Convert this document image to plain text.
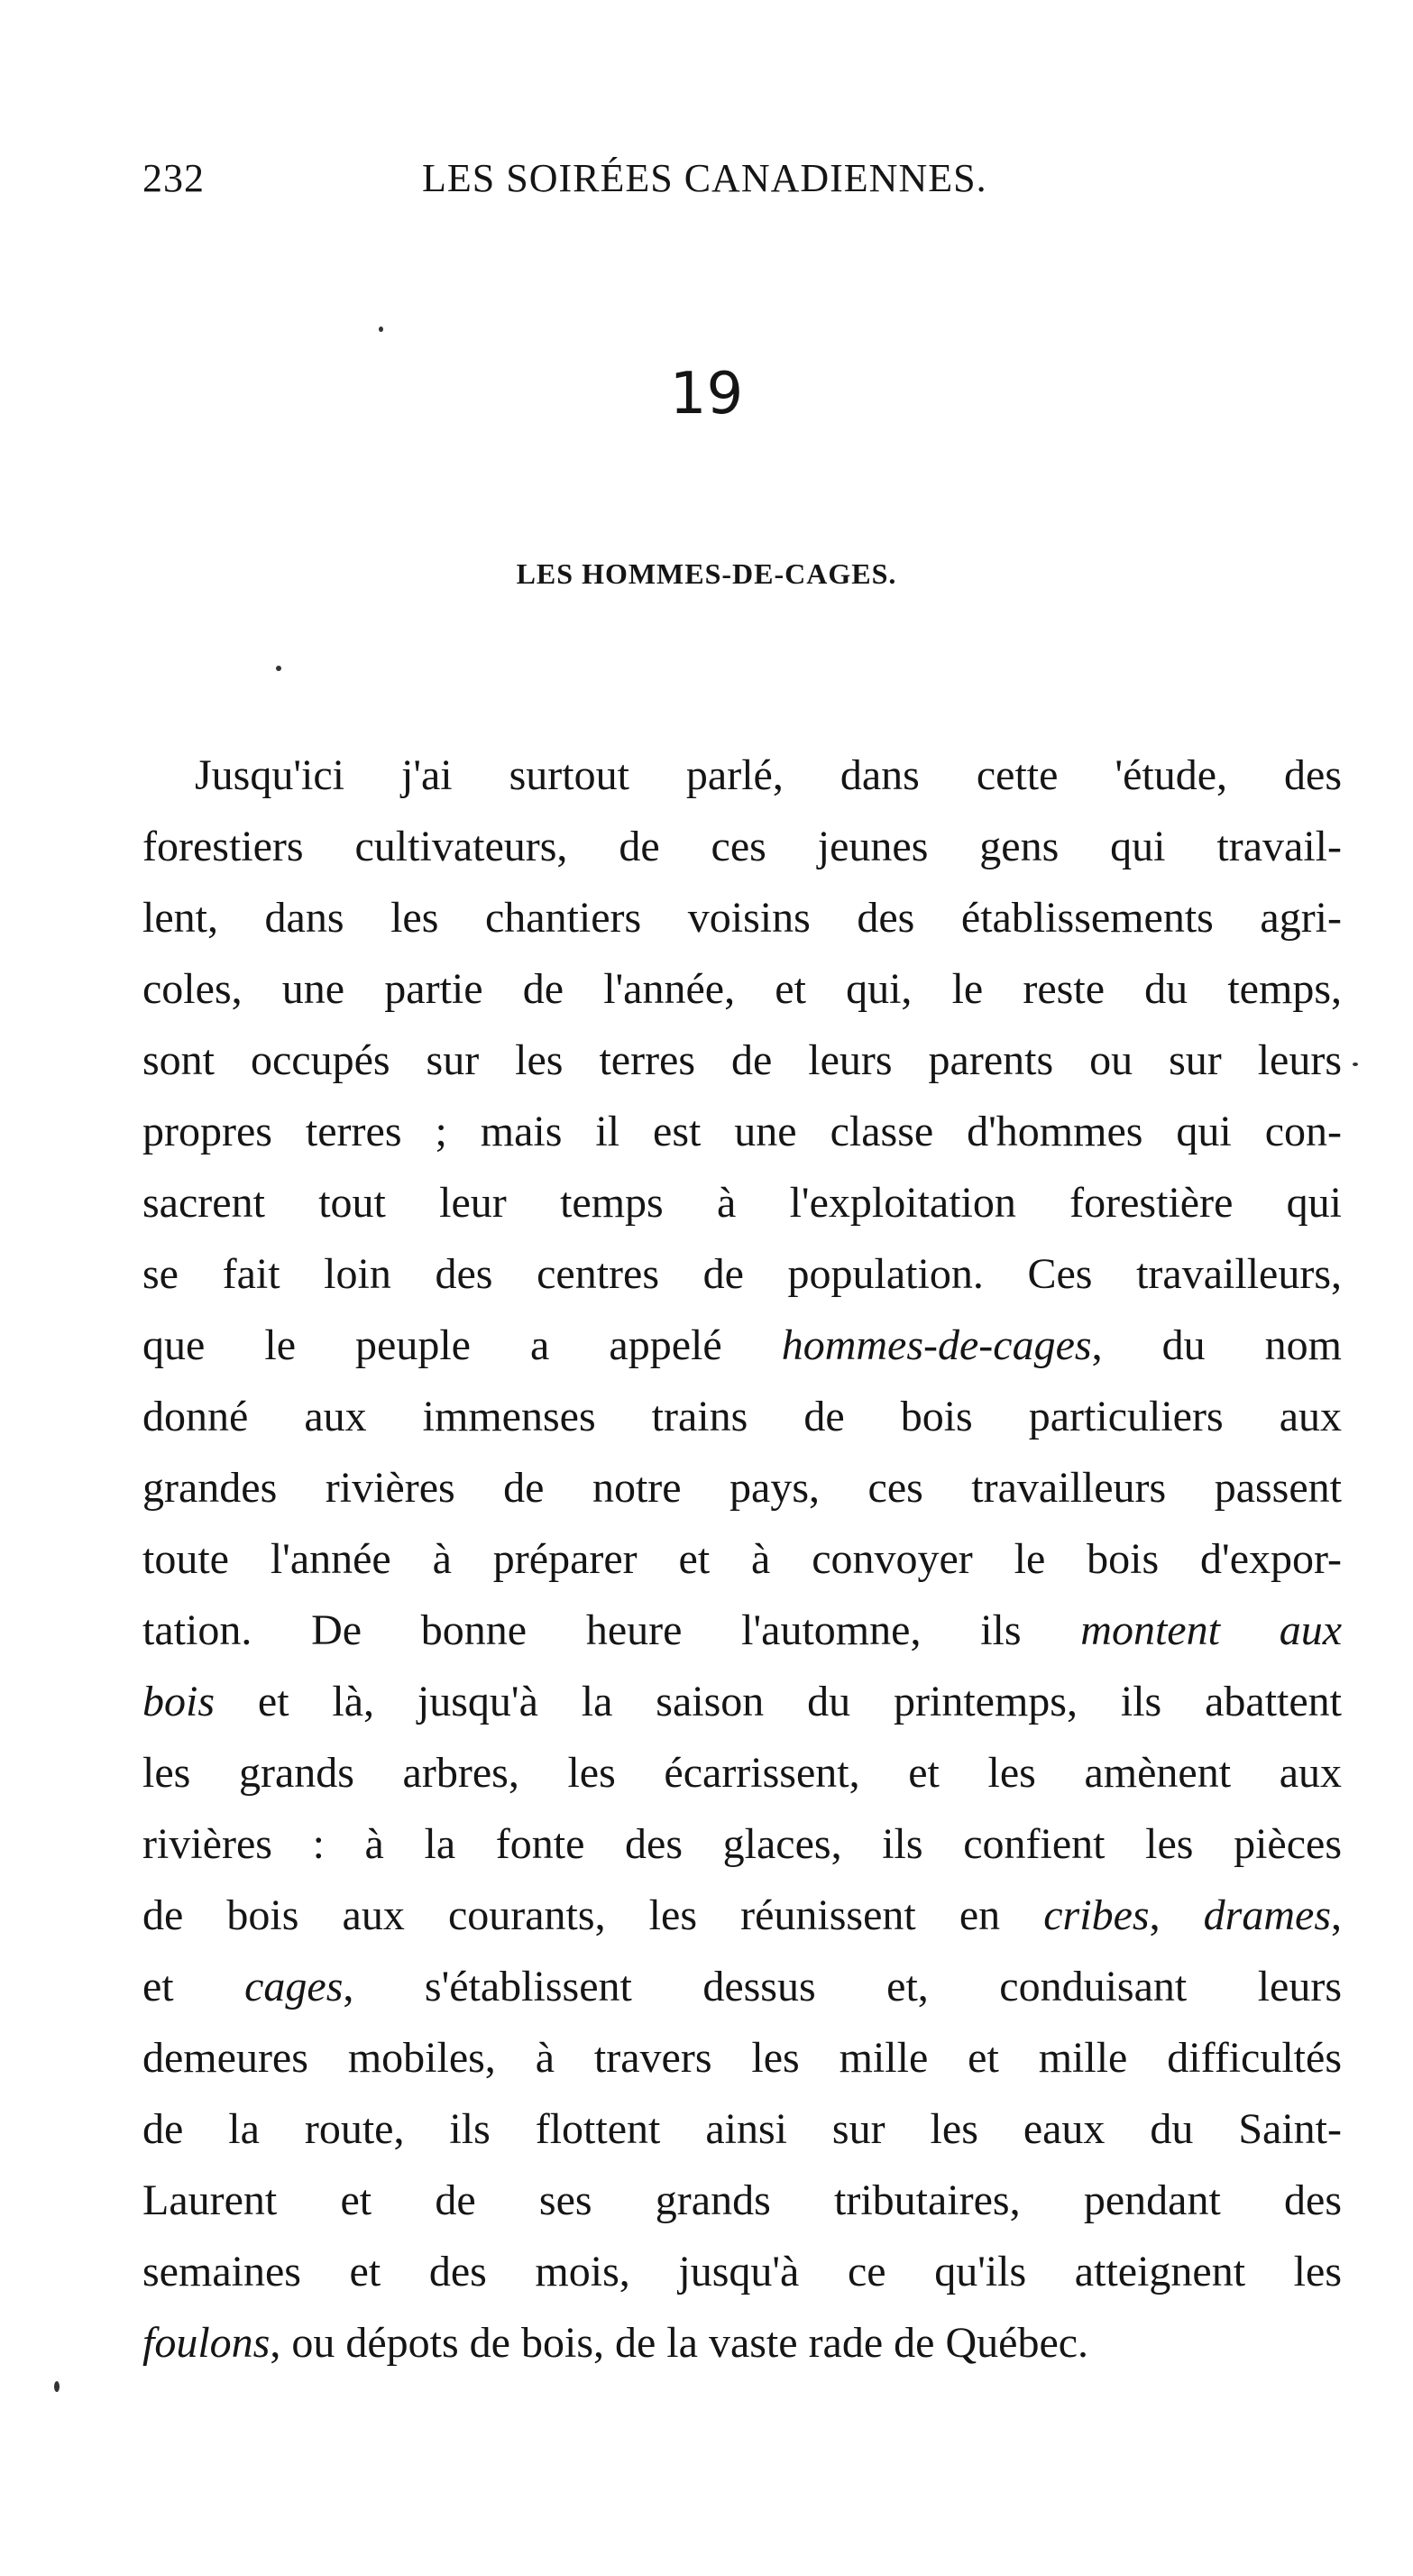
232	LES SOIRÉES CANADIENNES.
19
LES HOMMES-DE-CAGES.
Jusqu'ici j'ai surtout parlé, dans cette 'étude, des
forestiers cultivateurs, de ces jeunes gens qui travail-
lent, dans les chantiers voisins des établissements agri-
coles, une partie de l'année, et qui, le reste du temps,
sont occupés sur les terres de leurs parents ou sur leurs
propres terres ; mais il est une classe d'hommes qui con-
sacrent tout leur temps à l'exploitation forestière qui
se fait loin des centres de population. Ces travailleurs,
que le peuple a appelé hommes-de-cages, du nom
donné aux immenses trains de bois particuliers aux
grandes rivières de notre pays, ces travailleurs passent
toute l'année à préparer et à convoyer le bois d'expor-
tation. De bonne heure l'automne, ils montent aux
bois et là, jusqu'à la saison du printemps, ils abattent
les grands arbres, les écarrissent, et les amènent aux
rivières : à la fonte des glaces, ils confient les pièces
de bois aux courants, les réunissent en cribes, drames,
et cages, s'établissent dessus et, conduisant leurs
demeures mobiles, à travers les mille et mille difficultés
de la route, ils flottent ainsi sur les eaux du Saint-
Laurent et de ses grands tributaires, pendant des
semaines et des mois, jusqu'à ce qu'ils atteignent les
foulons, ou dépots de bois, de la vaste rade de Québec.
